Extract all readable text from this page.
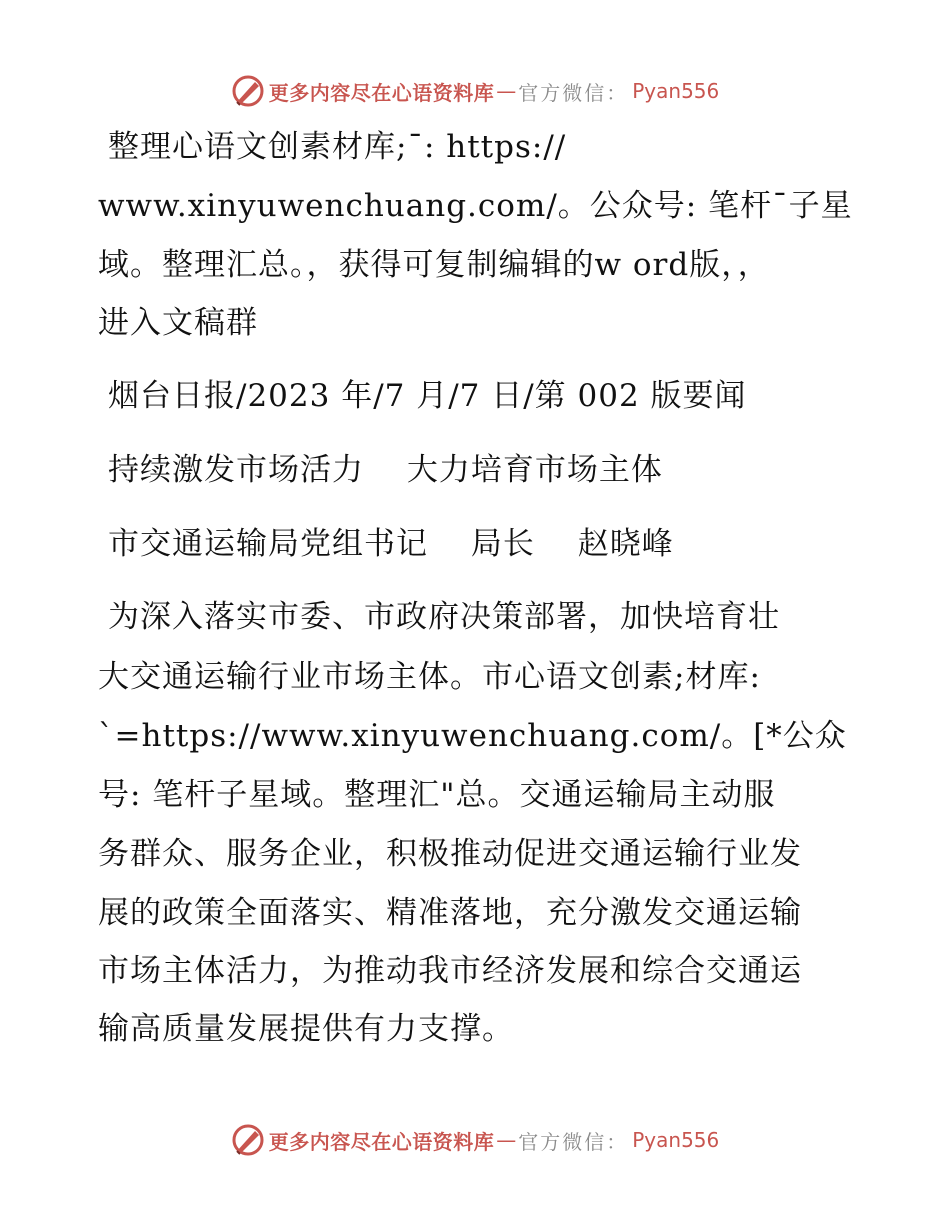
更多内容尽在心语资料库 — 官方微信： Pyan556
整理心语文创素材库;¯: https://
www.xinyuwenchuang.com/。公众号: 笔杆¯子星
域。整理汇总。，获得可复制编辑的w ord版，，
进入文稿群
烟台日报/2023 年/7 月/7 日/第 002 版要闻
持续激发市场活力　 大力培育市场主体
市交通运输局党组书记　 局长　 赵晓峰
为深入落实市委、市政府决策部署，加快培育壮
大交通运输行业市场主体。市心语文创素;材库:
`=https://www.xinyuwenchuang.com/。[*公众
号: 笔杆子星域。整理汇"总。交通运输局主动服
务群众、服务企业，积极推动促进交通运输行业发
展的政策全面落实、精准落地，充分激发交通运输
市场主体活力，为推动我市经济发展和综合交通运
输高质量发展提供有力支撑。
更多内容尽在心语资料库 — 官方微信： Pyan556
